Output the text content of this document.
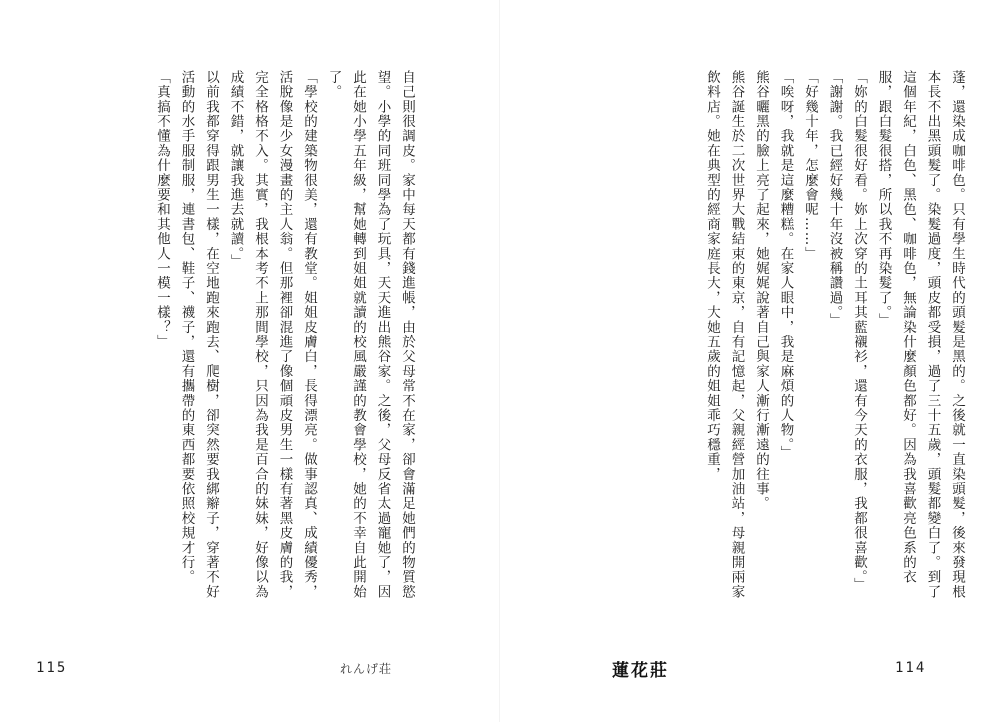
自己則很調皮。家中每天都有錢進帳，由於父母常不在家，卻會滿足她們的物質慾望。小學的同班同學為了玩具，天天進出熊谷家。之後，父母反省太過寵她了，因此在她小學五年級，幫她轉到姐姐就讀的校風嚴謹的教會學校，她的不幸自此開始了。

「學校的建築物很美，還有教堂。姐姐皮膚白，長得漂亮。做事認真、成績優秀，活脫像是少女漫畫的主人翁。但那裡卻混進了像個頑皮男生一樣有著黑皮膚的我，完全格格不入。其實，我根本考不上那間學校，只因為我是百合的妹妹，好像以為成績不錯，就讓我進去就讀。」

以前我都穿得跟男生一樣，在空地跑來跑去、爬樹，卻突然要我綁辮子，穿著不好活動的水手服制服，連書包、鞋子、襪子，還有攜帶的東西都要依照校規才行。

「真搞不懂為什麼要和其他人一模一樣？」

115	れんげ荘

蓬，還染成咖啡色。只有學生時代的頭髮是黑的。之後就一直染頭髮，後來發現根本長不出黑頭髮了。染髮過度，頭皮都受損，過了三十五歲，頭髮都變白了。到了這個年紀，白色、黑色、咖啡色，無論染什麼顏色都好。因為我喜歡亮色系的衣服，跟白髮很搭，所以我不再染髮了。」

「妳的白髮很好看。妳上次穿的土耳其藍襯衫，還有今天的衣服，我都很喜歡。」

「謝謝。我已經好幾十年沒被稱讚過。」

「好幾十年，怎麼會呢……」

「唉呀，我就是這麼糟糕。在家人眼中，我是麻煩的人物。」

熊谷曬黑的臉上亮了起來，她娓娓說著自己與家人漸行漸遠的往事。

熊谷誕生於二次世界大戰結束的東京，自有記憶起，父親經營加油站，母親開兩家飲料店。她在典型的經商家庭長大，大她五歲的姐姐乖巧穩重，

蓮花莊	114
